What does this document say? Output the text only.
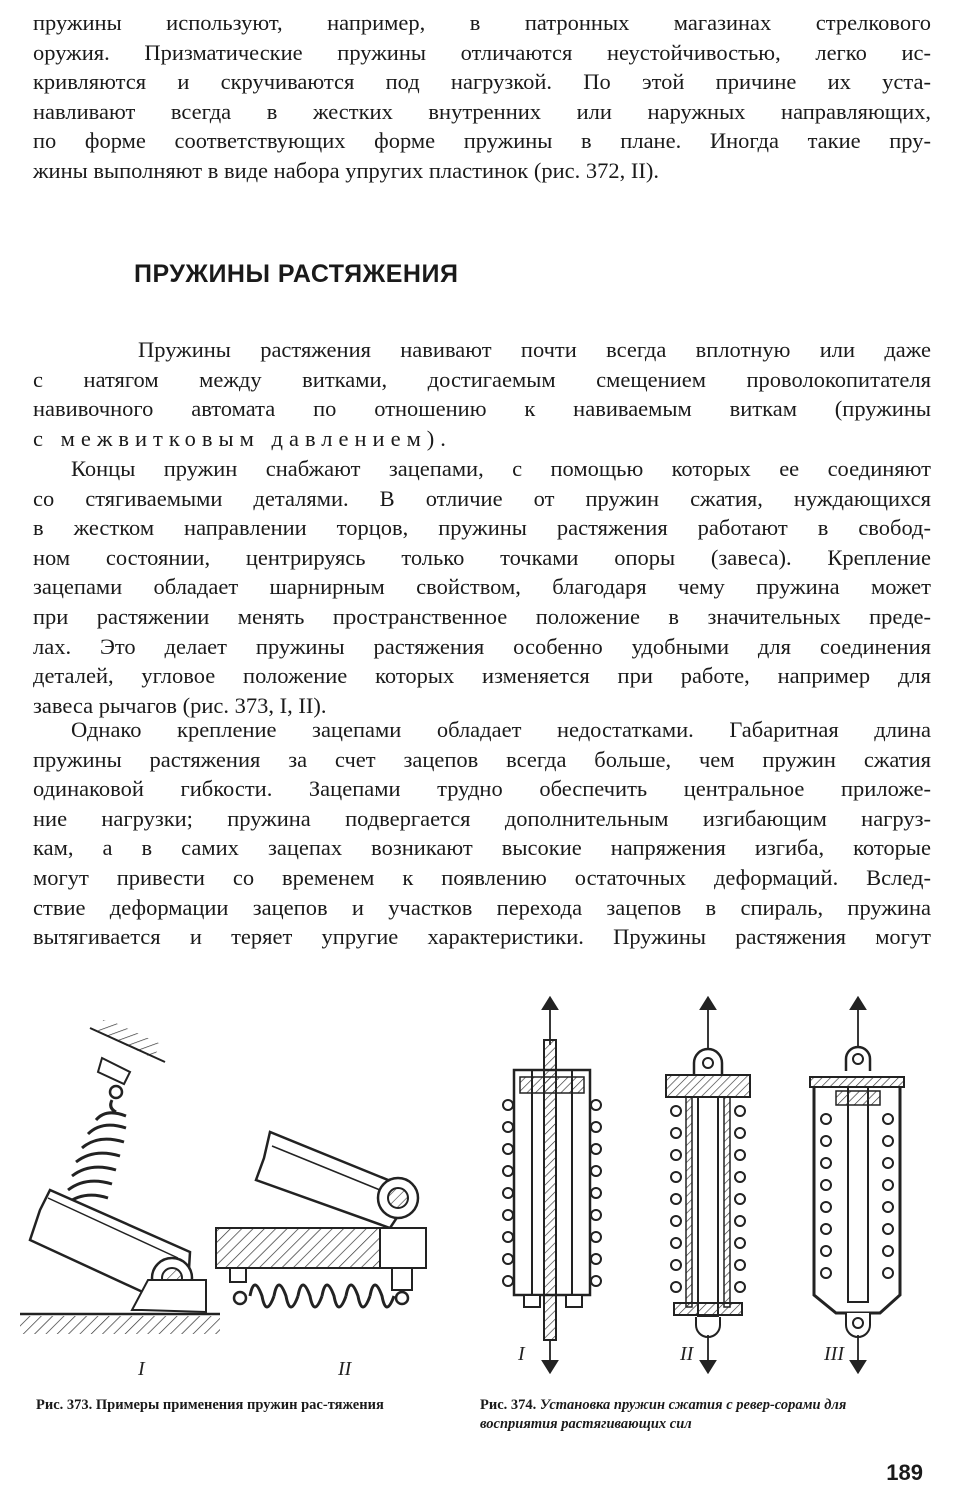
пружины используют, например, в патронных магазинах стрелкового
оружия. Призматические пружины отличаются неустойчивостью, легко ис-
кривляются и скручиваются под нагрузкой. По этой причине их уста-
навливают всегда в жестких внутренних или наружных направляющих,
по форме соответствующих форме пружины в плане. Иногда такие пру-
жины выполняют в виде набора упругих пластинок (рис. 372, II).
ПРУЖИНЫ РАСТЯЖЕНИЯ
Пружины растяжения навивают почти всегда вплотную или даже
с натягом между витками, достигаемым смещением проволокопитателя
навивочного автомата по отношению к навиваемым виткам (пружины
с межвитковым давлением).
Концы пружин снабжают зацепами, с помощью которых ее соединяют
со стягиваемыми деталями. В отличие от пружин сжатия, нуждающихся
в жестком направлении торцов, пружины растяжения работают в свобод-
ном состоянии, центрируясь только точками опоры (завеса). Крепление
зацепами обладает шарнирным свойством, благодаря чему пружина может
при растяжении менять пространственное положение в значительных преде-
лах. Это делает пружины растяжения особенно удобными для соединения
деталей, угловое положение которых изменяется при работе, например для
завеса рычагов (рис. 373, I, II).
Однако крепление зацепами обладает недостатками. Габаритная длина
пружины растяжения за счет зацепов всегда больше, чем пружин сжатия
одинаковой гибкости. Зацепами трудно обеспечить центральное приложе-
ние нагрузки; пружина подвергается дополнительным изгибающим нагруз-
кам, а в самих зацепах возникают высокие напряжения изгиба, которые
могут привести со временем к появлению остаточных деформаций. Вслед-
ствие деформации зацепов и участков перехода зацепов в спираль, пружина
вытягивается и теряет упругие характеристики. Пружины растяжения могут
I	II
I	II	III
Рис. 373. Примеры применения пружин рас-тяжения	Рис. 374. Установка пружин сжатия с ревер-сорами для восприятия растягивающих сил
189
